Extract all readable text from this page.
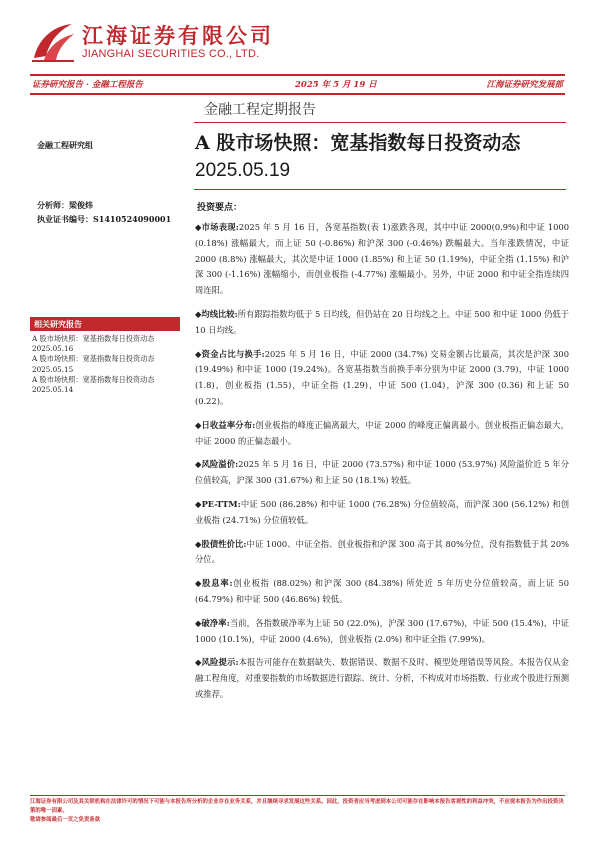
江海证券有限公司
JIANGHAI SECURITIES CO., LTD.
证券研究报告 · 金融工程报告	2025 年 5 月 19 日	江海证券研究发展部
金融工程定期报告
A 股市场快照：宽基指数每日投资动态
2025.05.19
金融工程研究组
分析师：梁俊炜
执业证书编号：S1410524090001
相关研究报告
A 股市场快照：宽基指数每日投资动态 2025.05.16
A 股市场快照：宽基指数每日投资动态 2025.05.15
A 股市场快照：宽基指数每日投资动态 2025.05.14
投资要点：

◆市场表现:2025 年 5 月 16 日，各宽基指数(表 1)涨跌各现，其中中证 2000(0.9%)和中证 1000 (0.18%) 涨幅最大，而上证 50 (-0.86%) 和沪深 300 (-0.46%) 跌幅最大。当年涨跌情况，中证 2000 (8.8%) 涨幅最大，其次是中证 1000 (1.85%) 和上证 50 (1.19%)，中证全指 (1.15%) 和沪深 300 (-1.16%) 涨幅缩小，而创业板指 (-4.77%) 涨幅最小。另外，中证 2000 和中证全指连续四周连阳。

◆均线比较:所有跟踪指数均低于 5 日均线，但仍站在 20 日均线之上。中证 500 和中证 1000 仍低于 10 日均线。

◆资金占比与换手:2025 年 5 月 16 日，中证 2000 (34.7%) 交易金额占比最高，其次是沪深 300 (19.49%) 和中证 1000 (19.24%)。各宽基指数当前换手率分别为中证 2000 (3.79)，中证 1000 (1.8)，创业板指 (1.55)，中证全指 (1.29)，中证 500 (1.04)，沪深 300 (0.36) 和上证 50 (0.22)。

◆日收益率分布:创业板指的峰度正偏离最大，中证 2000 的峰度正偏离最小。创业板指正偏态最大，中证 2000 的正偏态最小。

◆风险溢价:2025 年 5 月 16 日，中证 2000 (73.57%) 和中证 1000 (53.97%) 风险溢价近 5 年分位值较高，沪深 300 (31.67%) 和上证 50 (18.1%) 较低。

◆PE-TTM:中证 500 (86.28%) 和中证 1000 (76.28%) 分位值较高，而沪深 300 (56.12%) 和创业板指 (24.71%) 分位值较低。

◆股债性价比:中证 1000、中证全指、创业板指和沪深 300 高于其 80%分位，没有指数低于其 20%分位。

◆股息率:创业板指 (88.02%) 和沪深 300 (84.38%) 所处近 5 年历史分位值较高，而上证 50 (64.79%) 和中证 500 (46.86%) 较低。

◆破净率:当前，各指数破净率为上证 50 (22.0%)，沪深 300 (17.67%)，中证 500 (15.4%)，中证 1000 (10.1%)，中证 2000 (4.6%)，创业板指 (2.0%) 和中证全指 (7.99%)。

◆风险提示:本报告可能存在数据缺失、数据错误、数据不及时、模型处理错误等风险。本报告仅从金融工程角度，对重要指数的市场数据进行跟踪、统计、分析，不构成对市场指数、行业或个股进行预测或推荐。

江海证券有限公司及其关联机构在法律许可的情况下可能与本报告所分析的企业存在业务关系，并且继续寻求发展这些关系。因此，投资者应当考虑到本公司可能存在影响本报告客观性的利益冲突，不应视本报告为作出投资决策的唯一因素。
敬请参阅最后一页之免责条款
